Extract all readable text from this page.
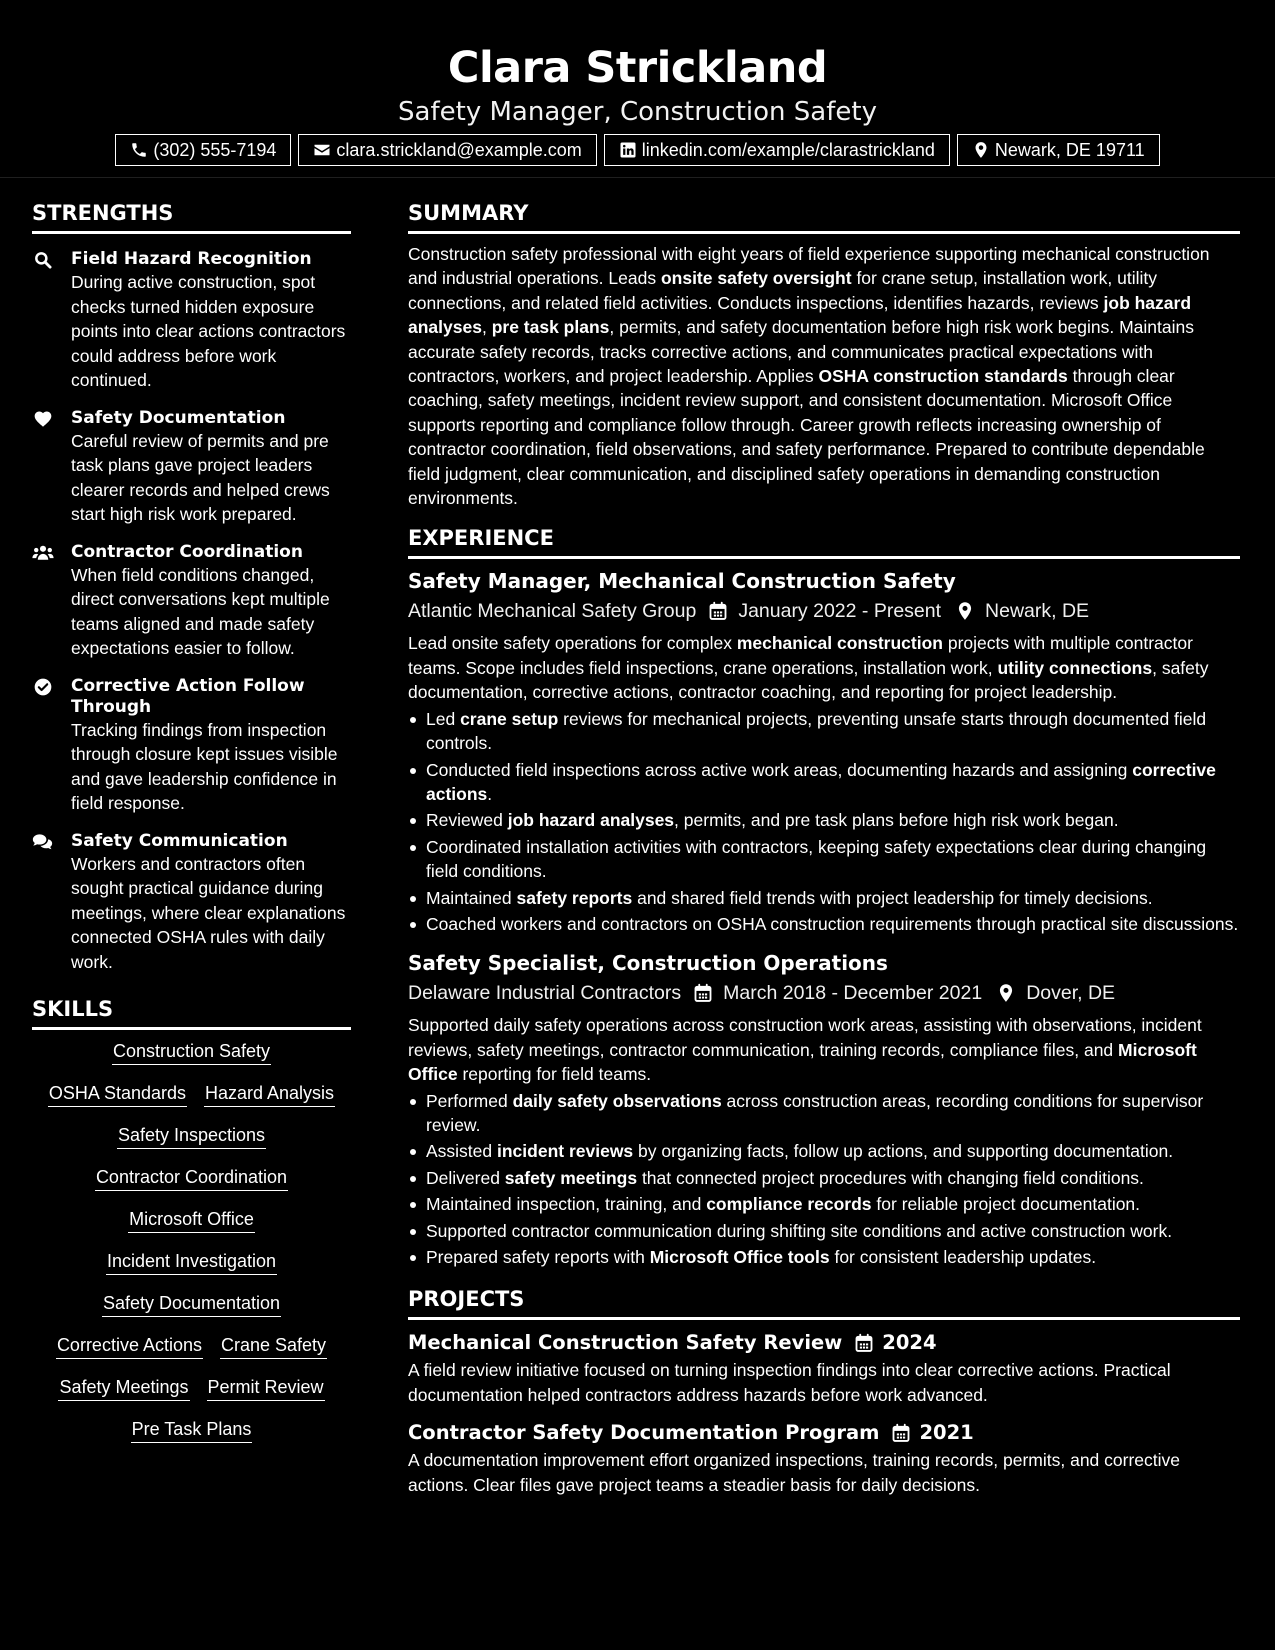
Clara Strickland
Safety Manager, Construction Safety
(302) 555-7194	clara.strickland@example.com	linkedin.com/example/clarastrickland	Newark, DE 19711
STRENGTHS
Field Hazard Recognition
During active construction, spot checks turned hidden exposure points into clear actions contractors could address before work continued.
Safety Documentation
Careful review of permits and pre task plans gave project leaders clearer records and helped crews start high risk work prepared.
Contractor Coordination
When field conditions changed, direct conversations kept multiple teams aligned and made safety expectations easier to follow.
Corrective Action Follow Through
Tracking findings from inspection through closure kept issues visible and gave leadership confidence in field response.
Safety Communication
Workers and contractors often sought practical guidance during meetings, where clear explanations connected OSHA rules with daily work.
SKILLS
Construction Safety
OSHA Standards Hazard Analysis
Safety Inspections
Contractor Coordination
Microsoft Office
Incident Investigation
Safety Documentation
Corrective Actions Crane Safety
Safety Meetings Permit Review
Pre Task Plans
SUMMARY
Construction safety professional with eight years of field experience supporting mechanical construction and industrial operations. Leads onsite safety oversight for crane setup, installation work, utility connections, and related field activities. Conducts inspections, identifies hazards, reviews job hazard analyses, pre task plans, permits, and safety documentation before high risk work begins. Maintains accurate safety records, tracks corrective actions, and communicates practical expectations with contractors, workers, and project leadership. Applies OSHA construction standards through clear coaching, safety meetings, incident review support, and consistent documentation. Microsoft Office supports reporting and compliance follow through. Career growth reflects increasing ownership of contractor coordination, field observations, and safety performance. Prepared to contribute dependable field judgment, clear communication, and disciplined safety operations in demanding construction environments.
EXPERIENCE
Safety Manager, Mechanical Construction Safety
Atlantic Mechanical Safety Group January 2022 - Present Newark, DE
Lead onsite safety operations for complex mechanical construction projects with multiple contractor teams. Scope includes field inspections, crane operations, installation work, utility connections, safety documentation, corrective actions, contractor coaching, and reporting for project leadership.
Led crane setup reviews for mechanical projects, preventing unsafe starts through documented field controls.
Conducted field inspections across active work areas, documenting hazards and assigning corrective actions.
Reviewed job hazard analyses, permits, and pre task plans before high risk work began.
Coordinated installation activities with contractors, keeping safety expectations clear during changing field conditions.
Maintained safety reports and shared field trends with project leadership for timely decisions.
Coached workers and contractors on OSHA construction requirements through practical site discussions.
Safety Specialist, Construction Operations
Delaware Industrial Contractors March 2018 - December 2021 Dover, DE
Supported daily safety operations across construction work areas, assisting with observations, incident reviews, safety meetings, contractor communication, training records, compliance files, and Microsoft Office reporting for field teams.
Performed daily safety observations across construction areas, recording conditions for supervisor review.
Assisted incident reviews by organizing facts, follow up actions, and supporting documentation.
Delivered safety meetings that connected project procedures with changing field conditions.
Maintained inspection, training, and compliance records for reliable project documentation.
Supported contractor communication during shifting site conditions and active construction work.
Prepared safety reports with Microsoft Office tools for consistent leadership updates.
PROJECTS
Mechanical Construction Safety Review 2024
A field review initiative focused on turning inspection findings into clear corrective actions. Practical documentation helped contractors address hazards before work advanced.
Contractor Safety Documentation Program 2021
A documentation improvement effort organized inspections, training records, permits, and corrective actions. Clear files gave project teams a steadier basis for daily decisions.
